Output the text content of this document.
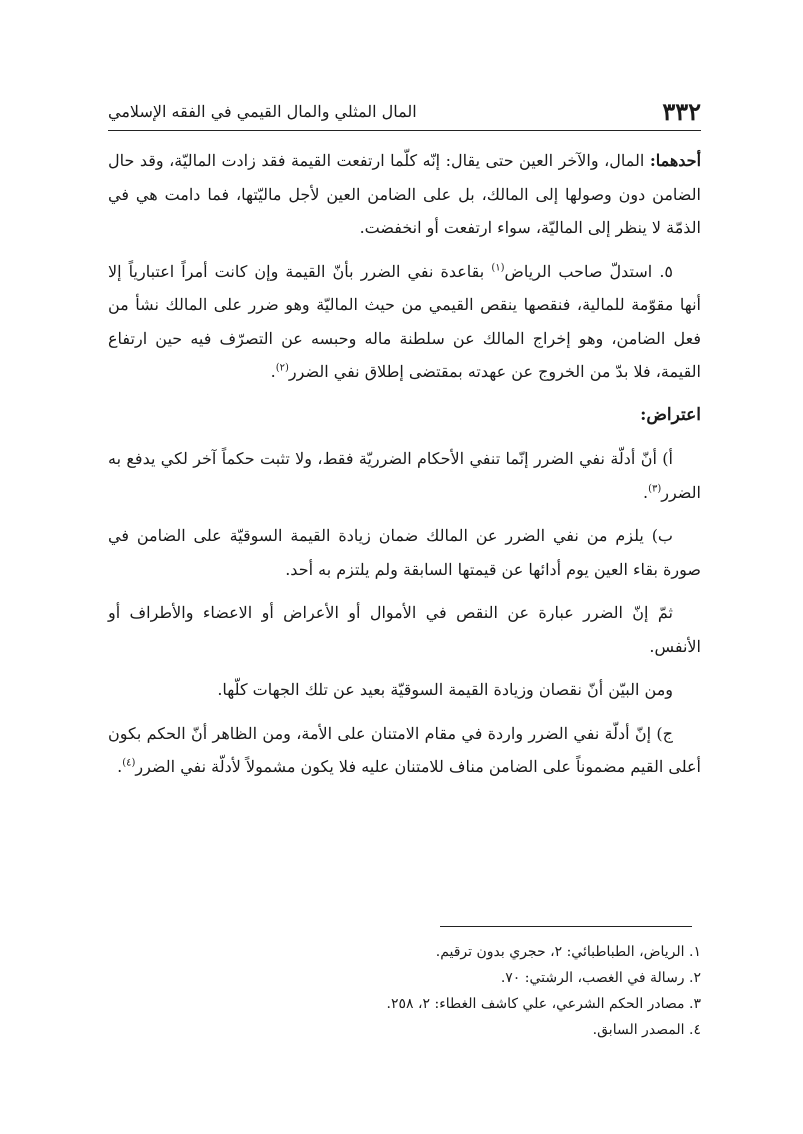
٣٣٢
المال المثلي والمال القيمي في الفقه الإسلامي

أحدهما: المال، والآخر العين حتى يقال: إنّه كلّما ارتفعت القيمة فقد زادت الماليّة، وقد حال الضامن دون وصولها إلى المالك، بل على الضامن العين لأجل ماليّتها، فما دامت هي في الذمّة لا ينظر إلى الماليّة، سواء ارتفعت أو انخفضت.

٥. استدلّ صاحب الرياض$^{(١)}$ بقاعدة نفي الضرر بأنّ القيمة وإن كانت أمراً اعتبارياً إلا أنها مقوّمة للمالية، فنقصها ينقص القيمي من حيث الماليّة وهو ضرر على المالك نشأ من فعل الضامن، وهو إخراج المالك عن سلطنة ماله وحبسه عن التصرّف فيه حين ارتفاع القيمة، فلا بدّ من الخروج عن عهدته بمقتضى إطلاق نفي الضرر$^{(٢)}$.

اعتراض:

أ) أنّ أدلّة نفي الضرر إنّما تنفي الأحكام الضرريّة فقط، ولا تثبت حكماً آخر لكي يدفع به الضرر$^{(٣)}$.

ب) يلزم من نفي الضرر عن المالك ضمان زيادة القيمة السوقيّة على الضامن في صورة بقاء العين يوم أدائها عن قيمتها السابقة ولم يلتزم به أحد.

ثمّ إنّ الضرر عبارة عن النقص في الأموال أو الأعراض أو الاعضاء والأطراف أو الأنفس.

ومن البيّن أنّ نقصان وزيادة القيمة السوقيّة بعيد عن تلك الجهات كلّها.

ج) إنّ أدلّة نفي الضرر واردة في مقام الامتنان على الأمة، ومن الظاهر أنّ الحكم بكون أعلى القيم مضموناً على الضامن مناف للامتنان عليه فلا يكون مشمولاً لأدلّة نفي الضرر$^{(٤)}$.

١. الرياض، الطباطبائي: ٢، حجري بدون ترقيم.
٢. رسالة في الغصب، الرشتي: ٧٠.
٣. مصادر الحكم الشرعي، علي كاشف الغطاء: ٢، ٢٥٨.
٤. المصدر السابق.
